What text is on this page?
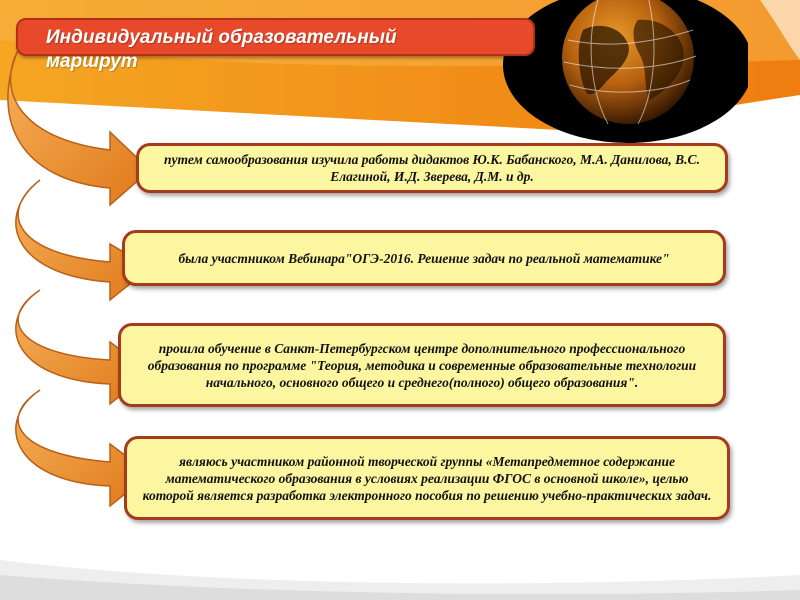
Индивидуальный образовательный маршрут
путем самообразования изучила работы дидактов Ю.К. Бабанского, М.А. Данилова, В.С. Елагиной, И.Д. Зверева, Д.М. и др.
была участником Вебинара"ОГЭ-2016. Решение задач по реальной математике"
прошла обучение в Санкт-Петербургском центре дополнительного профессионального образования по программе "Теория, методика и современные образовательные технологии начального, основного общего и среднего(полного) общего образования".
являюсь участником районной творческой группы «Метапредметное содержание математического образования в условиях реализации ФГОС в основной школе», целью которой является разработка электронного пособия по решению учебно-практических задач.
